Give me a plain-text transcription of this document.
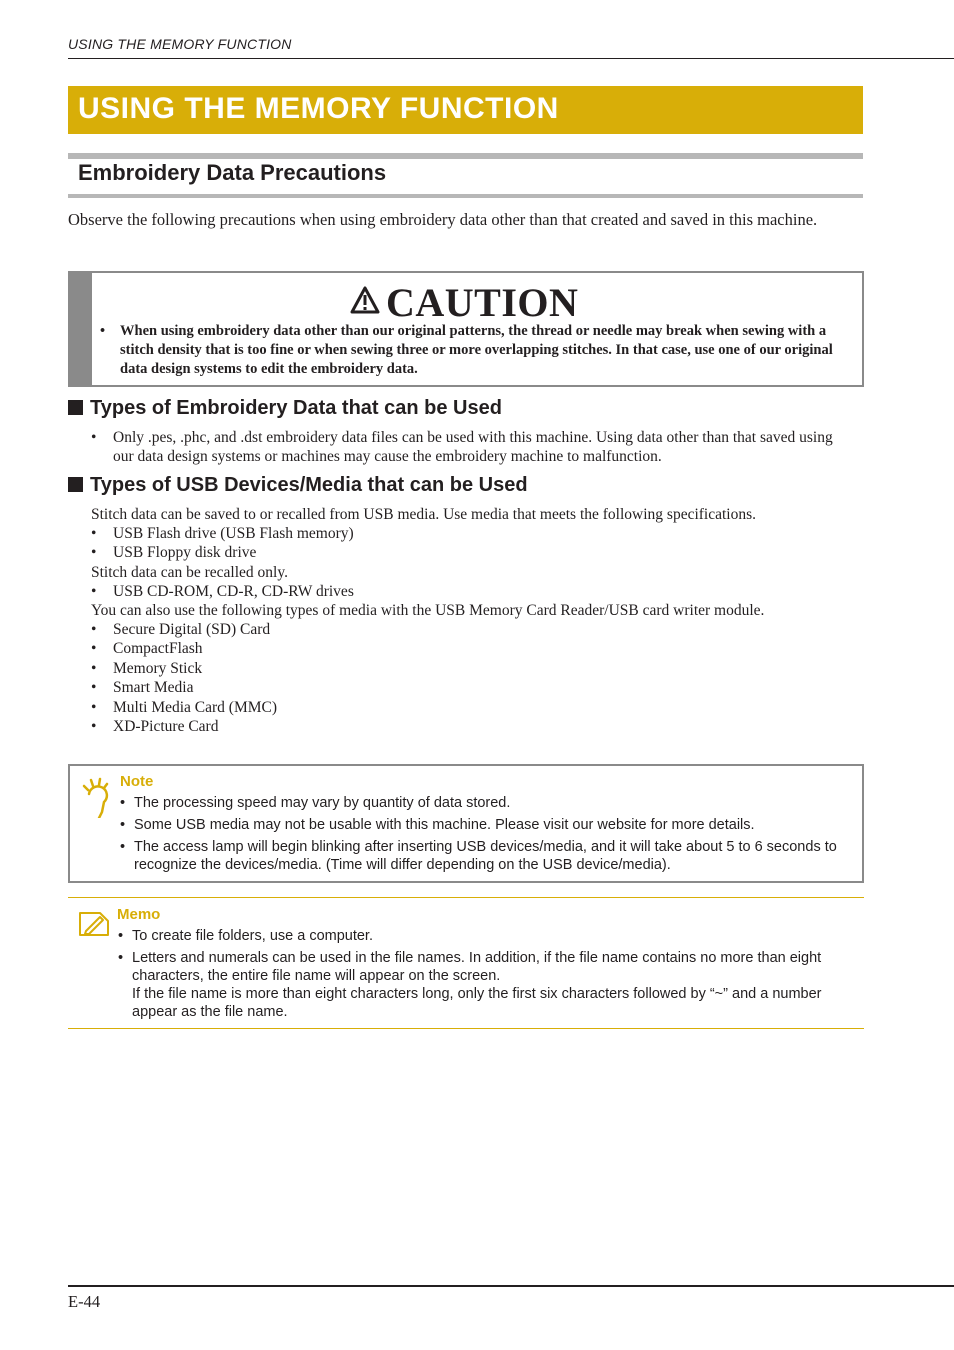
USING THE MEMORY FUNCTION
USING THE MEMORY FUNCTION
Embroidery Data Precautions

Observe the following precautions when using embroidery data other than that created and saved in this machine.

CAUTION
• When using embroidery data other than our original patterns, the thread or needle may break when sewing with a stitch density that is too fine or when sewing three or more overlapping stitches. In that case, use one of our original data design systems to edit the embroidery data.
Types of Embroidery Data that can be Used
• Only .pes, .phc, and .dst embroidery data files can be used with this machine. Using data other than that saved using our data design systems or machines may cause the embroidery machine to malfunction.
Types of USB Devices/Media that can be Used

Stitch data can be saved to or recalled from USB media. Use media that meets the following specifications.

• USB Flash drive (USB Flash memory)
• USB Floppy disk drive

Stitch data can be recalled only.

• USB CD-ROM, CD-R, CD-RW drives

You can also use the following types of media with the USB Memory Card Reader/USB card writer module.

• Secure Digital (SD) Card
• CompactFlash
• Memory Stick
• Smart Media
• Multi Media Card (MMC)
• XD-Picture Card
Note
• The processing speed may vary by quantity of data stored.
• Some USB media may not be usable with this machine. Please visit our website for more details.
• The access lamp will begin blinking after inserting USB devices/media, and it will take about 5 to 6 seconds to recognize the devices/media. (Time will differ depending on the USB device/media).
Memo
• To create file folders, use a computer.
• Letters and numerals can be used in the file names. In addition, if the file name contains no more than eight characters, the entire file name will appear on the screen.
If the file name is more than eight characters long, only the first six characters followed by “~” and a number appear as the file name.
E-44
